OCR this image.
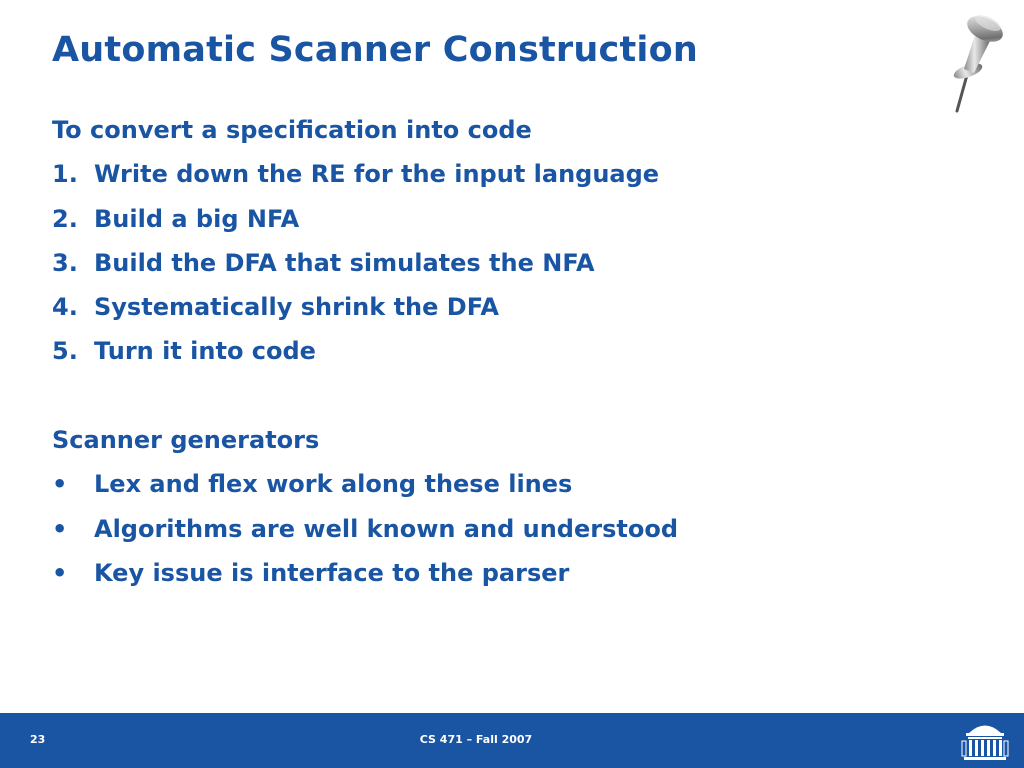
Automatic Scanner Construction
To convert a specification into code
1. Write down the RE for the input language
2. Build a big NFA
3. Build the DFA that simulates the NFA
4. Systematically shrink the DFA
5. Turn it into code
Scanner generators
• Lex and flex work along these lines
• Algorithms are well known and understood
• Key issue is interface to the parser
23	CS 471 – Fall 2007
